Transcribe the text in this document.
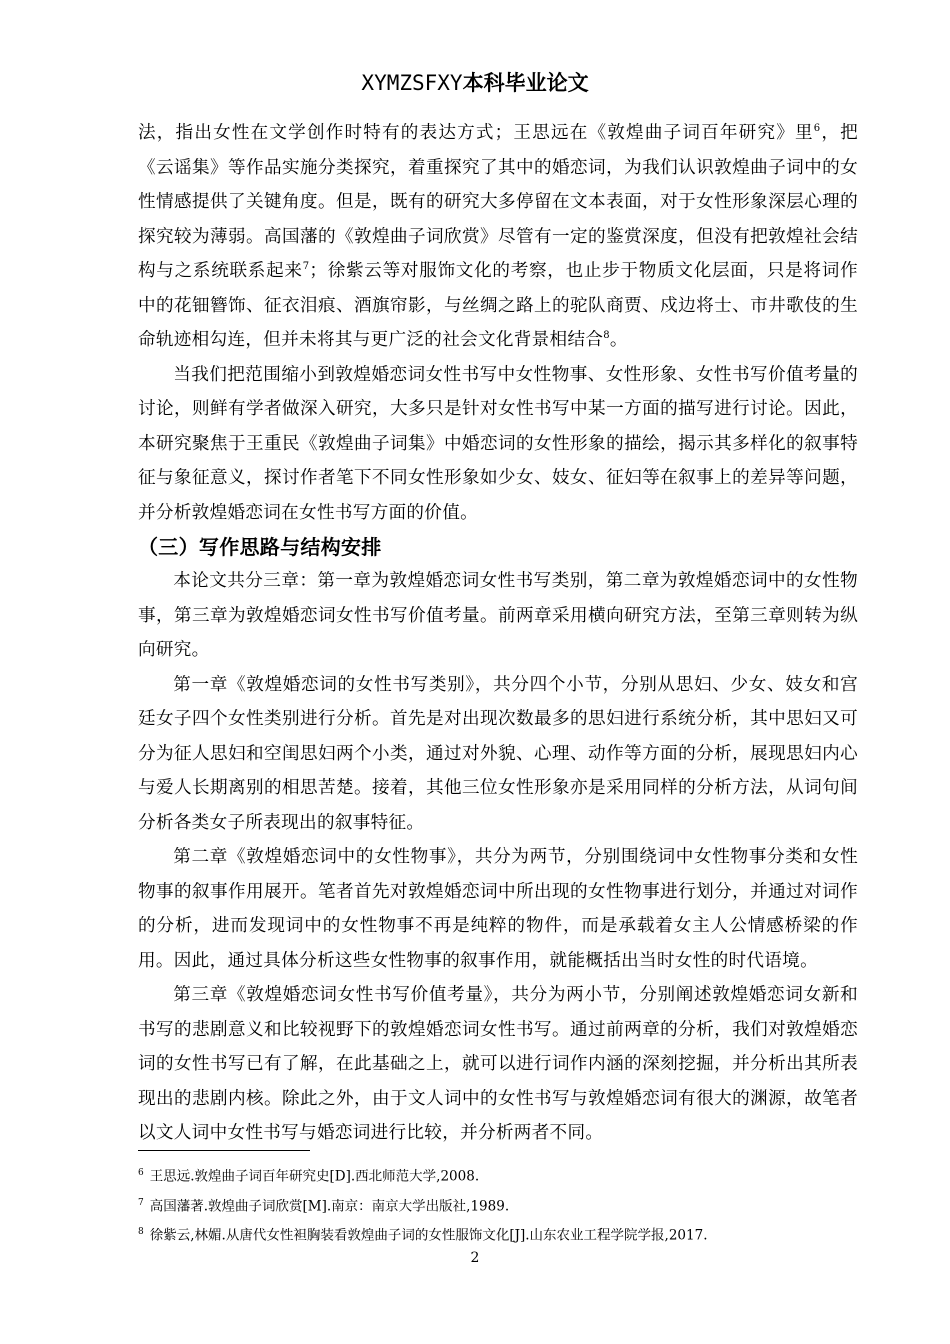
XYMZSFXY本科毕业论文

法，指出女性在文学创作时特有的表达方式；王思远在《敦煌曲子词百年研究》里$^6$，把《云谣集》等作品实施分类探究，着重探究了其中的婚恋词，为我们认识敦煌曲子词中的女性情感提供了关键角度。但是，既有的研究大多停留在文本表面，对于女性形象深层心理的探究较为薄弱。高国藩的《敦煌曲子词欣赏》尽管有一定的鉴赏深度，但没有把敦煌社会结构与之系统联系起来$^7$；徐紫云等对服饰文化的考察，也止步于物质文化层面，只是将词作中的花钿簪饰、征衣泪痕、酒旗帘影，与丝绸之路上的驼队商贾、戍边将士、市井歌伎的生命轨迹相勾连，但并未将其与更广泛的社会文化背景相结合$^8$。

当我们把范围缩小到敦煌婚恋词女性书写中女性物事、女性形象、女性书写价值考量的讨论，则鲜有学者做深入研究，大多只是针对女性书写中某一方面的描写进行讨论。因此，本研究聚焦于王重民《敦煌曲子词集》中婚恋词的女性形象的描绘，揭示其多样化的叙事特征与象征意义，探讨作者笔下不同女性形象如少女、妓女、征妇等在叙事上的差异等问题，并分析敦煌婚恋词在女性书写方面的价值。

（三）写作思路与结构安排

本论文共分三章：第一章为敦煌婚恋词女性书写类别，第二章为敦煌婚恋词中的女性物事，第三章为敦煌婚恋词女性书写价值考量。前两章采用横向研究方法，至第三章则转为纵向研究。

第一章《敦煌婚恋词的女性书写类别》，共分四个小节，分别从思妇、少女、妓女和宫廷女子四个女性类别进行分析。首先是对出现次数最多的思妇进行系统分析，其中思妇又可分为征人思妇和空闺思妇两个小类，通过对外貌、心理、动作等方面的分析，展现思妇内心与爱人长期离别的相思苦楚。接着，其他三位女性形象亦是采用同样的分析方法，从词句间分析各类女子所表现出的叙事特征。

第二章《敦煌婚恋词中的女性物事》，共分为两节，分别围绕词中女性物事分类和女性物事的叙事作用展开。笔者首先对敦煌婚恋词中所出现的女性物事进行划分，并通过对词作的分析，进而发现词中的女性物事不再是纯粹的物件，而是承载着女主人公情感桥梁的作用。因此，通过具体分析这些女性物事的叙事作用，就能概括出当时女性的时代语境。

第三章《敦煌婚恋词女性书写价值考量》，共分为两小节，分别阐述敦煌婚恋词女新和书写的悲剧意义和比较视野下的敦煌婚恋词女性书写。通过前两章的分析，我们对敦煌婚恋词的女性书写已有了解，在此基础之上，就可以进行词作内涵的深刻挖掘，并分析出其所表现出的悲剧内核。除此之外，由于文人词中的女性书写与敦煌婚恋词有很大的渊源，故笔者以文人词中女性书写与婚恋词进行比较，并分析两者不同。

$^6$ 王思远.敦煌曲子词百年研究史[D].西北师范大学,2008.
$^7$ 高国藩著.敦煌曲子词欣赏[M].南京：南京大学出版社,1989.
$^8$ 徐紫云,林媚.从唐代女性袒胸装看敦煌曲子词的女性服饰文化[J].山东农业工程学院学报,2017.
2
